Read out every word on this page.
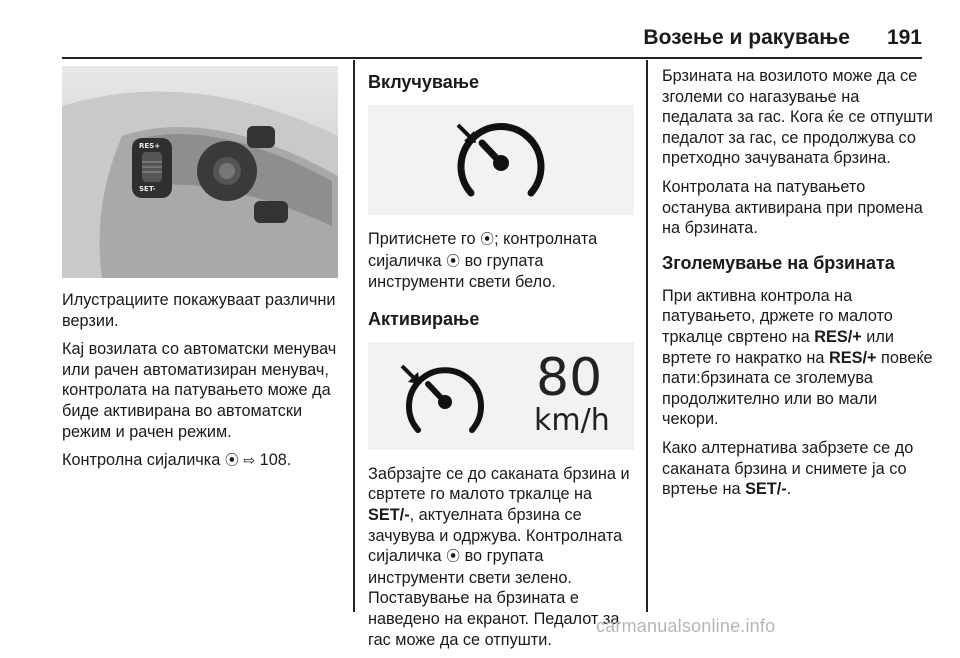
Возење и ракување 191
RES+
SET-

Илустрациите покажуваат различни верзии.

Кај возилата со автоматски менувач или рачен автоматизиран менувач, контролата на патувањето може да биде активирана во автоматски режим и рачен режим.

Контролна сијаличка ⦿ ⇨ 108.

Вклучување

Притиснете го ⦿; контролната сијаличка ⦿ во групата инструменти свети бело.

Активирање
80
km/h

Забрзајте се до саканата брзина и свртете го малото тркалце на SET/-, актуелната брзина се зачувува и одржува. Контролната сијаличка ⦿ во групата инструменти свети зелено. Поставување на брзината е наведено на екранот. Педалот за гас може да се отпушти.

Брзината на возилото може да се зголеми со нагазување на педалата за гас. Кога ќе се отпушти педалот за гас, се продолжува со претходно зачуваната брзина.

Контролата на патувањето останува активирана при промена на брзината.

Зголемување на брзината

При активна контрола на патувањето, држете го малото тркалце свртено на RES/+ или вртете го накратко на RES/+ повеќе пати:брзината се зголемува продолжително или во мали чекори.

Како алтернатива забрзете се до саканата брзина и снимете ја со вртење на SET/-.

carmanualsonline.info
